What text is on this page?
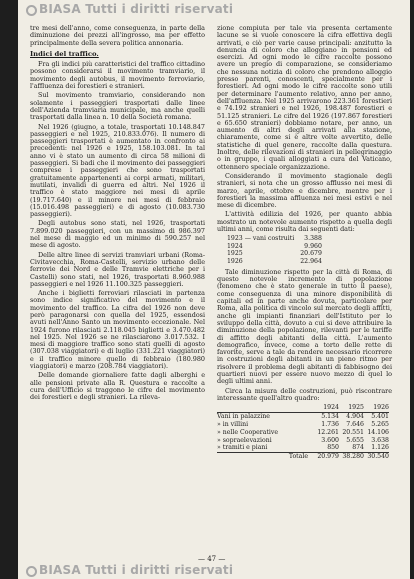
BIASA Tutti i diritti riservati

tre mesi dell'anno, come conseguenza, in parte della diminuzione dei prezzi all'ingrosso, ma per effetto principalmente della severa politica annonaria.

Indici del traffico.

Fra gli indici più caratteristici del traffico cittadino possono considerarsi il movimento tramviario, il movimento degli autobus, il movimento ferroviario, l'affluenza dei forestieri e stranieri.

Sul movimento tramviario, considerando non solamente i passeggieri trasportati dalle linee dell'Azienda tramviaria municipale, ma anche quelli trasportati dalla linea n. 10 della Società romana.

Nel 1926 (giugno, a totale, trasportati 10.148.847 passeggieri e nel 1925, 210.833.076). Il numero di passeggieri trasportati è aumentato in confronto ai precedenti: nel 1926 e 1925, 158.103.081. In tal anno vi è stato un aumento di circa 58 milioni di passeggieri. Si badi che il movimento dei passeggieri comprese i passeggieri che sono trasportati gratuitamente appartenenti ai corpi armati, militari, mutilati, invalidi di guerra ed altri. Nel 1926 il traffico è stato maggiore nei mesi di aprile (19.717.640) e il minore nei mesi di febbraio (15.016.498 passeggieri) e di agosto (10.083.730 passeggieri).

Degli autobus sono stati, nel 1926, trasportati 7.899.020 passeggieri, con un massimo di 986.397 nel mese di maggio ed un minimo di 590.257 nel mese di agosto.

Delle altre linee di servizi tramviari urbani (Roma-Civitavecchia, Roma-Castelli, servizio urbano delle ferrovie dei Nord e delle Tramvie elettriche per i Castelli) sono stati, nel 1926, trasportati 8.960.988 passeggieri e nel 1926 11.100.325 passeggieri.

Anche i biglietti ferroviari rilasciati in partenza sono indice significativo del movimento e il movimento del traffico. La cifra del 1926 non deve però paragonarsi con quella del 1925, essendosi avuti nell'Anno Santo un movimento eccezionale. Nel 1924 furono rilasciati 2.118.045 biglietti e 3.470.482 nel 1925. Nel 1926 se ne rilasciarono 3.017.532. I mesi di maggiore traffico sono stati quelli di agosto (307.038 viaggiatori) e di luglio (331.221 viaggiatori) e il traffico minore quello di febbraio (180.980 viaggiatori) e marzo (208.784 viaggiatori).

Delle domande giornaliere fatte dagli alberghi e alle pensioni private alla R. Questura e raccolte a cura dell'Ufficio si traggono le cifre del movimento dei forestieri e degli stranieri. La rileva-

zione compiuta per tale via presenta certamente lacune se si vuole conoscere la cifra effettiva degli arrivati, e ciò per varie cause principali: anzitutto la denuncia di coloro che alloggiano in pensioni ed esercizi. Ad ogni modo le cifre raccolte possono avere un pregio di comparazione, se consideriamo che nessuna notizia di coloro che prendono alloggio presso parenti, conoscenti, specialmente per i forestieri. Ad ogni modo le cifre raccolte sono utili per determinare l'aumento relativo, anno per anno, dell'affluenza. Nel 1925 arrivarono 223.361 forestieri e 74.192 stranieri e nel 1926, 198.487 forestieri e 51.125 stranieri. Le cifre del 1926 (197.867 forestieri e 65.650 stranieri) dobbiamo notare, per anno, un aumento di altri degli arrivati alla stazione, chiaramente, come si è altre volte avvertito, delle statistiche di quel genere, raccolte dalla questura. Inoltre, delle rilevazioni di stranieri in pellegrinaggio o in gruppo, i quali alloggiati a cura del Vaticano, ottennero speciale organizzazione.

Considerando il movimento stagionale degli stranieri, si nota che un grosso afflusso nei mesi di marzo, aprile, ottobre e dicembre, mentre per i forestieri la massima affluenza nei mesi estivi e nel mese di dicembre.

L'attività edilizia del 1926, per quanto abbia mostrato un notevole aumento rispetto a quella degli ultimi anni, come risulta dai seguenti dati:

1923 — vani costruiti	3.388
1924	9.960
1925	20.679
1926	22.964

Tale diminuzione rispetto per la città di Roma, di questo notevole incremento di popolazione (fenomeno che è stato generale in tutto il paese), come conseguenza di una minore disponibilità di capitali ed in parte anche dovuta, particolare per Roma, alla politica di vincolo sul mercato degli affitti, anche gli impianti finanziari dell'Istituto per lo sviluppo della città, dovuto a cui si deve attribuire la diminuzione della popolazione, rilevanti per le tariffe di affitto degli abitanti della città. L'aumento demografico, invece, come a torto delle rette di favorite, serve a tale da rendere necessario ricorrere in costruzioni degli abitanti in un pieno ritmo per risolvere il problema degli abitanti di fabbisogno dei quartieri nuovi per essere nuovo mezzo di quel lo degli ultimi anni.

Circa la misura delle costruzioni, può riscontrare interessante quell'altro quadro:

	1924	1925	1926
Vani in palazzine	5.134	4.904	5.401
» in villini	1.736	7.646	5.265
» nelle Cooperative	12.261	20.551	14.106
» sopraelevazioni	3.600	5.655	3.638
» tramiti e piani	850	874	1.126
Totale	20.979	38.280	30.540
— 47 —
BIASA Tutti i diritti riservati
